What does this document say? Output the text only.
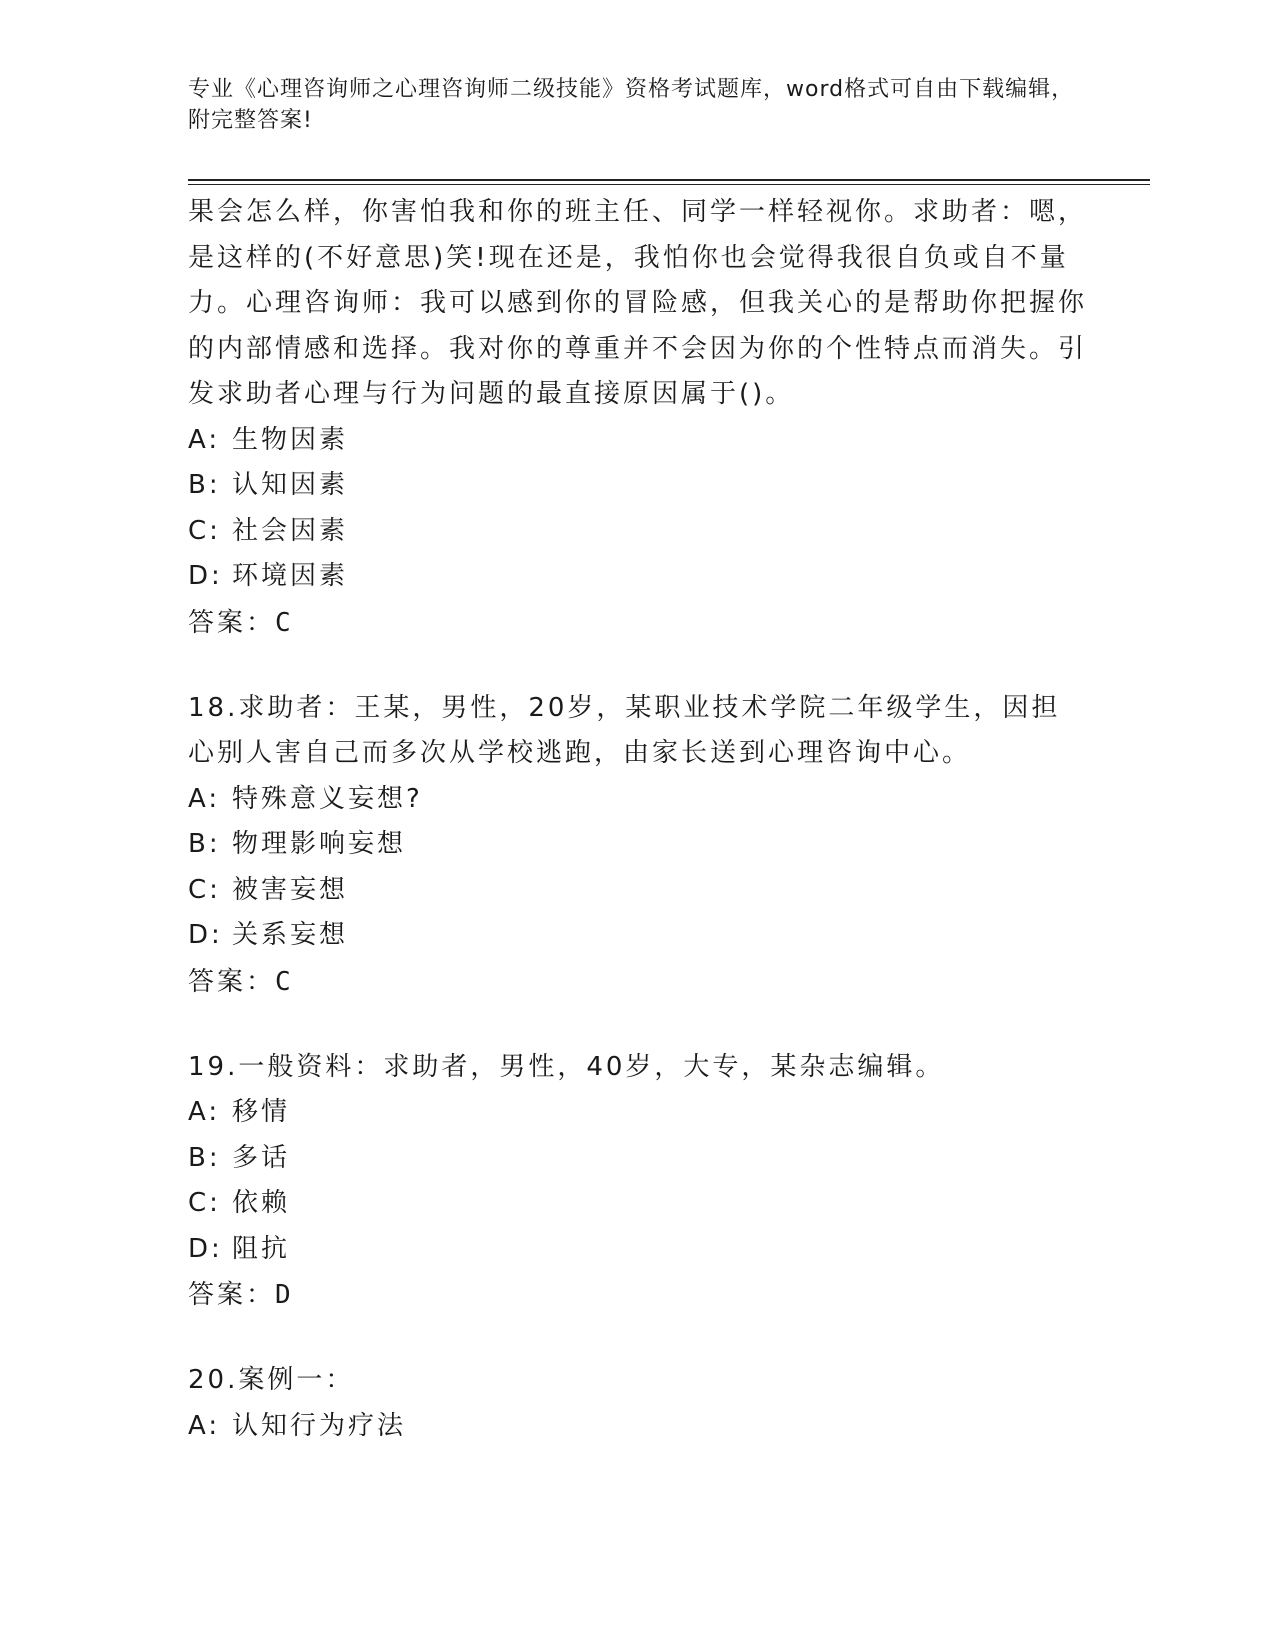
专业《心理咨询师之心理咨询师二级技能》资格考试题库，word格式可自由下载编辑，附完整答案!

果会怎么样，你害怕我和你的班主任、同学一样轻视你。求助者：嗯，是这样的(不好意思)笑!现在还是，我怕你也会觉得我很自负或自不量力。心理咨询师：我可以感到你的冒险感，但我关心的是帮助你把握你的内部情感和选择。我对你的尊重并不会因为你的个性特点而消失。引发求助者心理与行为问题的最直接原因属于()。

A: 生物因素
B: 认知因素
C: 社会因素
D: 环境因素
答案：C

18.求助者：王某，男性，20岁，某职业技术学院二年级学生，因担心别人害自己而多次从学校逃跑，由家长送到心理咨询中心。

A: 特殊意义妄想?
B: 物理影响妄想
C: 被害妄想
D: 关系妄想
答案：C

19.一般资料：求助者，男性，40岁，大专，某杂志编辑。

A: 移情
B: 多话
C: 依赖
D: 阻抗
答案：D

20.案例一：

A: 认知行为疗法
